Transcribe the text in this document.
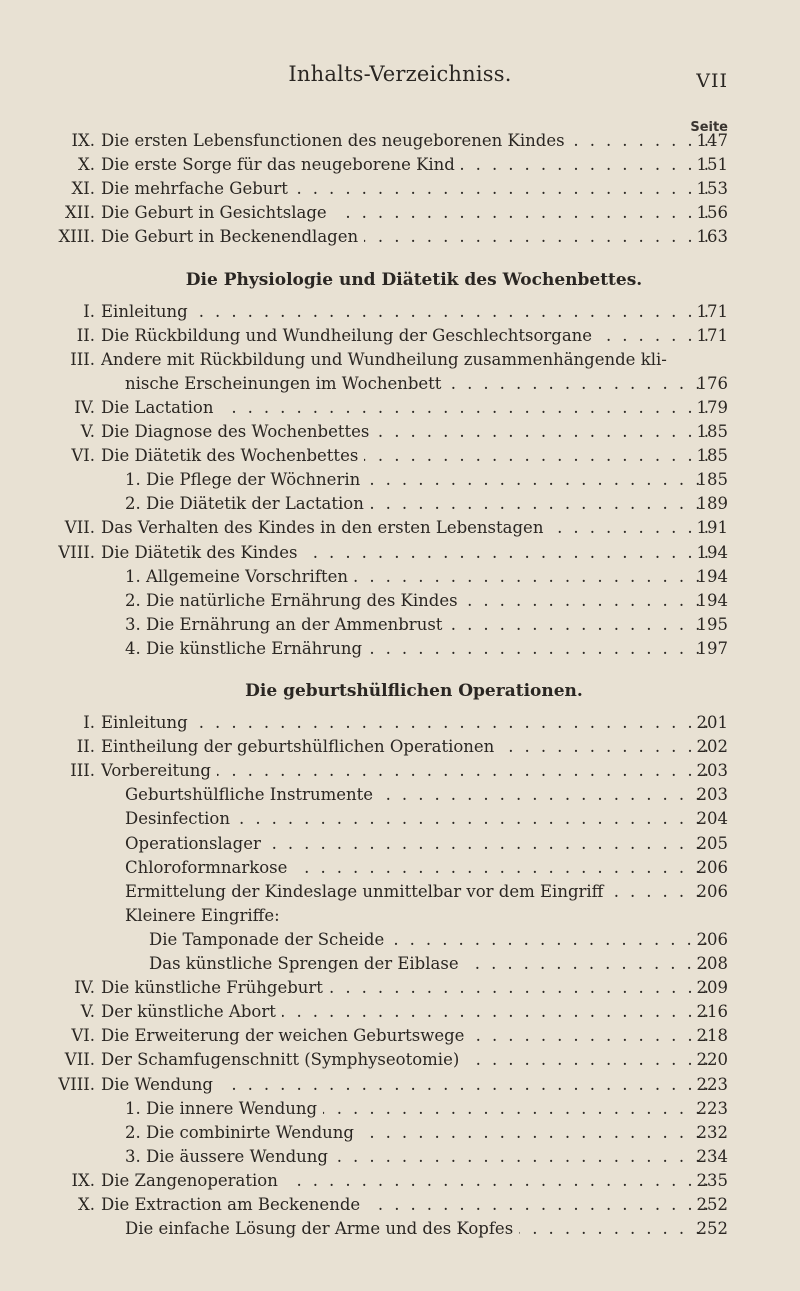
Inhalts-Verzeichniss.	VII
Seite
IX. Die ersten Lebensfunctionen des neugeborenen Kindes . . .	147
X. Die erste Sorge für das neugeborene Kind . . .	151
XI. Die mehrfache Geburt . . .	153
XII. Die Geburt in Gesichtslage . . .	156
XIII. Die Geburt in Beckenendlagen . . .	163
Die Physiologie und Diätetik des Wochenbettes.
I. Einleitung . . .	171
II. Die Rückbildung und Wundheilung der Geschlechtsorgane . . .	171
III. Andere mit Rückbildung und Wundheilung zusammenhängende kli-
nische Erscheinungen im Wochenbett . . .	176
IV. Die Lactation . . .	179
V. Die Diagnose des Wochenbettes . . .	185
VI. Die Diätetik des Wochenbettes . . .	185
1. Die Pflege der Wöchnerin . . .	185
2. Die Diätetik der Lactation . . .	189
VII. Das Verhalten des Kindes in den ersten Lebenstagen . . .	191
VIII. Die Diätetik des Kindes . . .	194
1. Allgemeine Vorschriften . . .	194
2. Die natürliche Ernährung des Kindes . . .	194
3. Die Ernährung an der Ammenbrust . . .	195
4. Die künstliche Ernährung . . .	197
Die geburtshülflichen Operationen.
I. Einleitung . . .	201
II. Eintheilung der geburtshülflichen Operationen . . .	202
III. Vorbereitung . . .	203
Geburtshülfliche Instrumente . . .	203
Desinfection . . .	204
Operationslager . . .	205
Chloroformnarkose . . .	206
Ermittelung der Kindeslage unmittelbar vor dem Eingriff . . .	206
Kleinere Eingriffe:
Die Tamponade der Scheide . . .	206
Das künstliche Sprengen der Eiblase . . .	208
IV. Die künstliche Frühgeburt . . .	209
V. Der künstliche Abort . . .	216
VI. Die Erweiterung der weichen Geburtswege . . .	218
VII. Der Schamfugenschnitt (Symphyseotomie) . . .	220
VIII. Die Wendung . . .	223
1. Die innere Wendung . . .	223
2. Die combinirte Wendung . . .	232
3. Die äussere Wendung . . .	234
IX. Die Zangenoperation . . .	235
X. Die Extraction am Beckenende . . .	252
Die einfache Lösung der Arme und des Kopfes . . .	252
